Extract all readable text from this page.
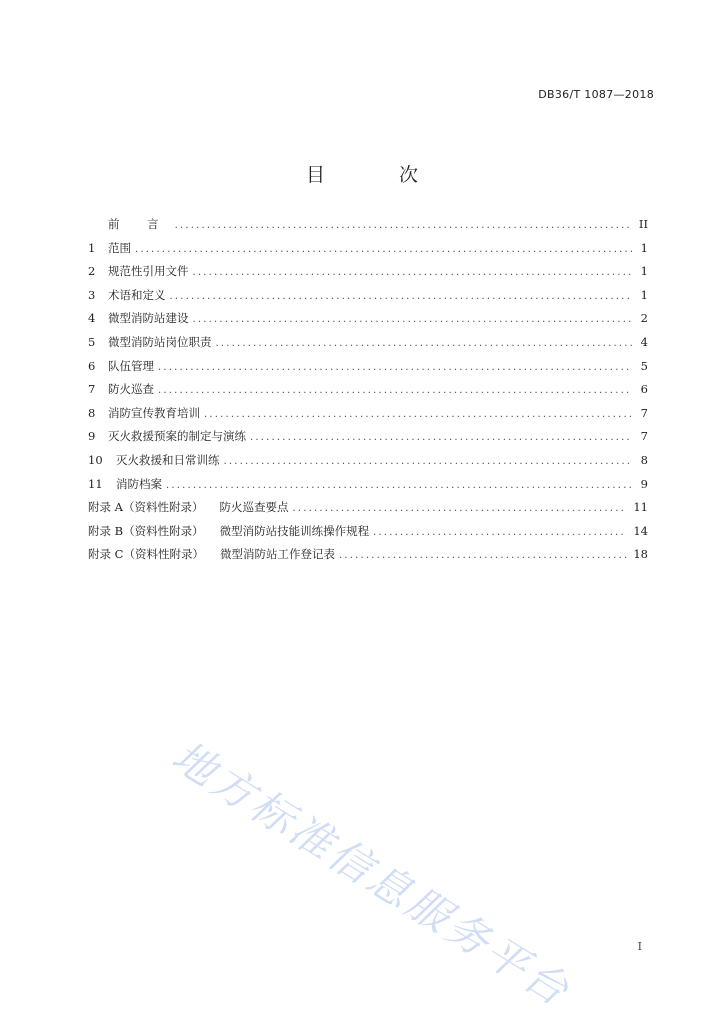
DB36/T 1087—2018
目 次
前 言 .....	II
1	范围 .....	1
2	规范性引用文件 .....	1
3	术语和定义 .....	1
4	微型消防站建设 .....	2
5	微型消防站岗位职责 .....	4
6	队伍管理 .....	5
7	防火巡查 .....	6
8	消防宣传教育培训 .....	7
9	灭火救援预案的制定与演练 .....	7
10	灭火救援和日常训练 .....	8
11	消防档案 .....	9
附录 A（资料性附录） 防火巡查要点 .....	11
附录 B（资料性附录） 微型消防站技能训练操作规程 .....	14
附录 C（资料性附录） 微型消防站工作登记表 .....	18
地方标准信息服务平台	I
